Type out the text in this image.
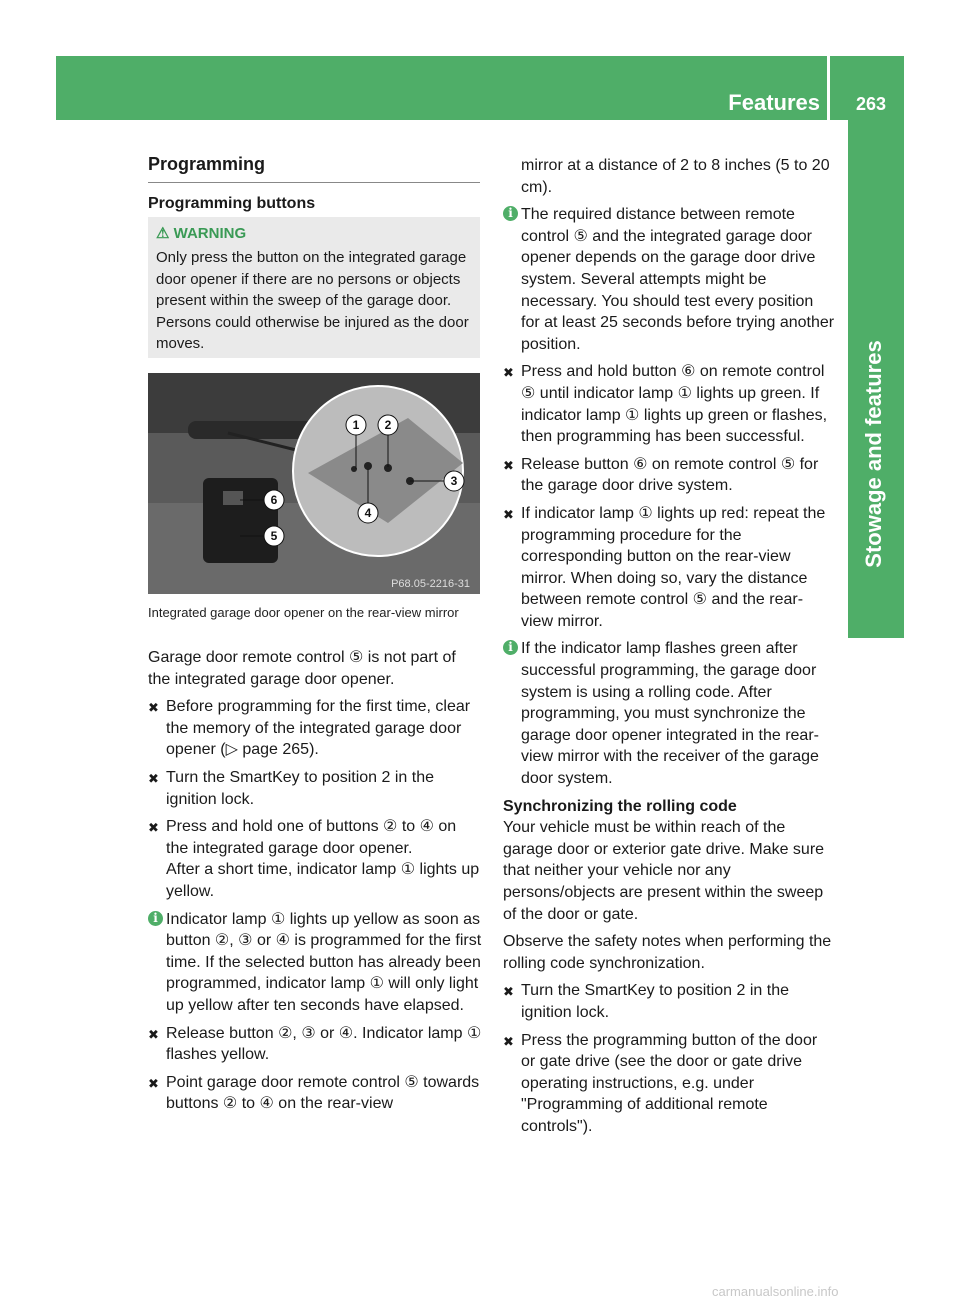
Features 263
Stowage and features
Programming
Programming buttons
⚠ WARNING
Only press the button on the integrated garage door opener if there are no persons or objects present within the sweep of the garage door. Persons could otherwise be injured as the door moves.
1 2
3
4
5
6
P68.05-2216-31
Integrated garage door opener on the rear-view mirror
Garage door remote control ⑤ is not part of the integrated garage door opener.
✖ Before programming for the first time, clear the memory of the integrated garage door opener (▷ page 265).
✖ Turn the SmartKey to position 2 in the ignition lock.
✖ Press and hold one of buttons ② to ④ on the integrated garage door opener.
After a short time, indicator lamp ① lights up yellow.
i Indicator lamp ① lights up yellow as soon as button ②, ③ or ④ is programmed for the first time. If the selected button has already been programmed, indicator lamp ① will only light up yellow after ten seconds have elapsed.
✖ Release button ②, ③ or ④. Indicator lamp ① flashes yellow.
✖ Point garage door remote control ⑤ towards buttons ② to ④ on the rear-view
mirror at a distance of 2 to 8 inches (5 to 20 cm).
i The required distance between remote control ⑤ and the integrated garage door opener depends on the garage door drive system. Several attempts might be necessary. You should test every position for at least 25 seconds before trying another position.
✖ Press and hold button ⑥ on remote control ⑤ until indicator lamp ① lights up green. If indicator lamp ① lights up green or flashes, then programming has been successful.
✖ Release button ⑥ on remote control ⑤ for the garage door drive system.
✖ If indicator lamp ① lights up red: repeat the programming procedure for the corresponding button on the rear-view mirror. When doing so, vary the distance between remote control ⑤ and the rear-view mirror.
i If the indicator lamp flashes green after successful programming, the garage door system is using a rolling code. After programming, you must synchronize the garage door opener integrated in the rear-view mirror with the receiver of the garage door system.
Synchronizing the rolling code
Your vehicle must be within reach of the garage door or exterior gate drive. Make sure that neither your vehicle nor any persons/objects are present within the sweep of the door or gate.
Observe the safety notes when performing the rolling code synchronization.
✖ Turn the SmartKey to position 2 in the ignition lock.
✖ Press the programming button of the door or gate drive (see the door or gate drive operating instructions, e.g. under "Programming of additional remote controls").
carmanualsonline.info
